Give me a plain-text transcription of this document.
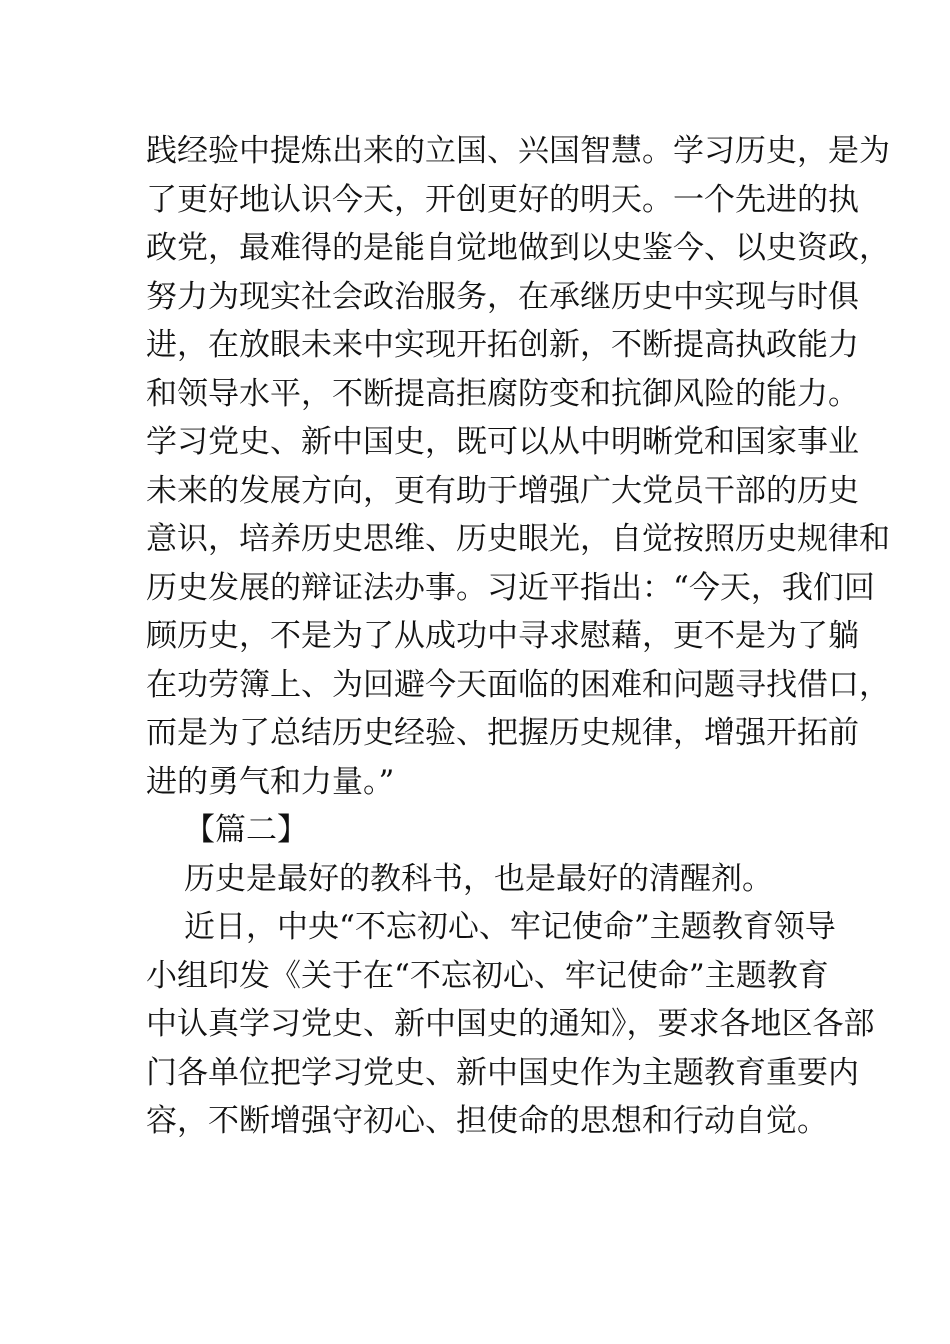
践经验中提炼出来的立国、兴国智慧。学习历史，是为
了更好地认识今天，开创更好的明天。一个先进的执
政党，最难得的是能自觉地做到以史鉴今、以史资政，
努力为现实社会政治服务，在承继历史中实现与时俱
进，在放眼未来中实现开拓创新，不断提高执政能力
和领导水平，不断提高拒腐防变和抗御风险的能力。
学习党史、新中国史，既可以从中明晰党和国家事业
未来的发展方向，更有助于增强广大党员干部的历史
意识，培养历史思维、历史眼光，自觉按照历史规律和
历史发展的辩证法办事。习近平指出：“今天，我们回
顾历史，不是为了从成功中寻求慰藉，更不是为了躺
在功劳簿上、为回避今天面临的困难和问题寻找借口，
而是为了总结历史经验、把握历史规律，增强开拓前
进的勇气和力量。”
【篇二】
历史是最好的教科书，也是最好的清醒剂。
近日，中央“不忘初心、牢记使命”主题教育领导
小组印发《关于在“不忘初心、牢记使命”主题教育
中认真学习党史、新中国史的通知》，要求各地区各部
门各单位把学习党史、新中国史作为主题教育重要内
容，不断增强守初心、担使命的思想和行动自觉。
